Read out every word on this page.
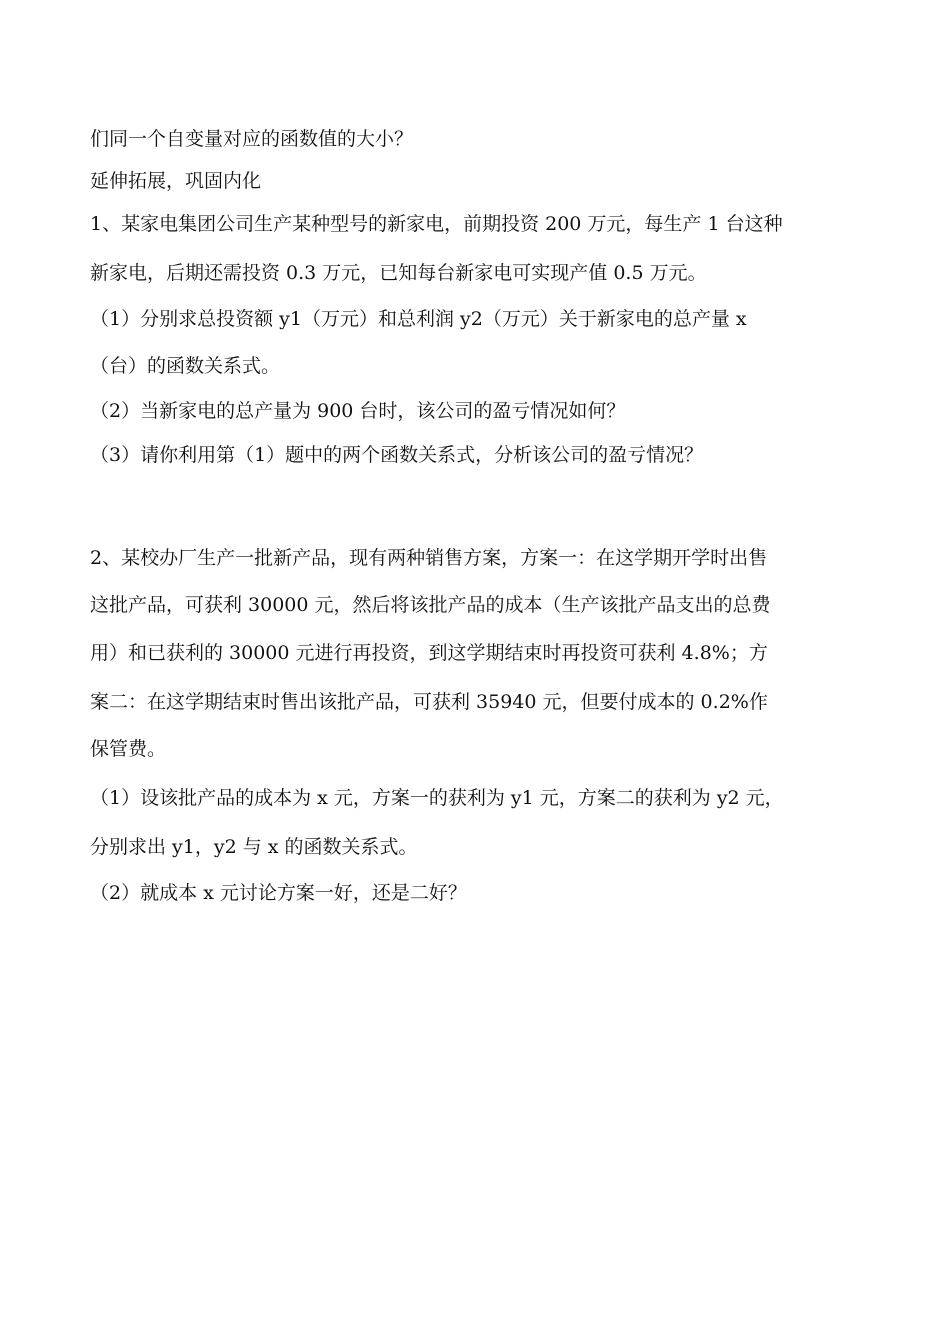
们同一个自变量对应的函数值的大小？
延伸拓展，巩固内化
1、某家电集团公司生产某种型号的新家电，前期投资 200 万元，每生产 1 台这种
新家电，后期还需投资 0.3 万元，已知每台新家电可实现产值 0.5 万元。
（1）分别求总投资额 y1（万元）和总利润 y2（万元）关于新家电的总产量 x
（台）的函数关系式。
（2）当新家电的总产量为 900 台时，该公司的盈亏情况如何？
（3）请你利用第（1）题中的两个函数关系式，分析该公司的盈亏情况？
2、某校办厂生产一批新产品，现有两种销售方案，方案一：在这学期开学时出售
这批产品，可获利 30000 元，然后将该批产品的成本（生产该批产品支出的总费
用）和已获利的 30000 元进行再投资，到这学期结束时再投资可获利 4.8%；方
案二：在这学期结束时售出该批产品，可获利 35940 元，但要付成本的 0.2%作
保管费。
（1）设该批产品的成本为 x 元，方案一的获利为 y1 元，方案二的获利为 y2 元，
分别求出 y1，y2 与 x 的函数关系式。
（2）就成本 x 元讨论方案一好，还是二好？
